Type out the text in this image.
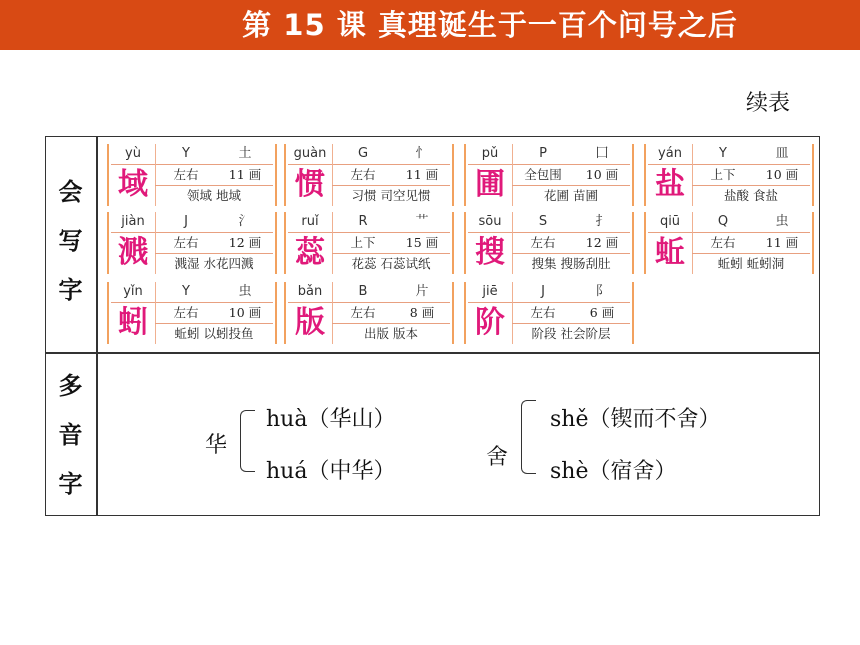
第 15 课 真理诞生于一百个问号之后
续表
会
写
字
多
音
字
yù	Y	土
域	左右	11 画
领域 地域
jiàn	J	氵
溅	左右	12 画
溅湿 水花四溅
yǐn	Y	虫
蚓	左右	10 画
蚯蚓 以蚓投鱼
guàn	G	忄
惯	左右	11 画
习惯 司空见惯
ruǐ	R	艹
蕊	上下	15 画
花蕊 石蕊试纸
bǎn	B	片
版	左右	8 画
出版 版本
pǔ	P	囗
圃	全包围	10 画
花圃 苗圃
sōu	S	扌
搜	左右	12 画
搜集 搜肠刮肚
jiē	J	阝
阶	左右	6 画
阶段 社会阶层
yán	Y	皿
盐	上下	10 画
盐酸 食盐
qiū	Q	虫
蚯	左右	11 画
蚯蚓 蚯蚓洞
华
huà（华山）
huá（中华）
舍
shě（锲而不舍）
shè（宿舍）
